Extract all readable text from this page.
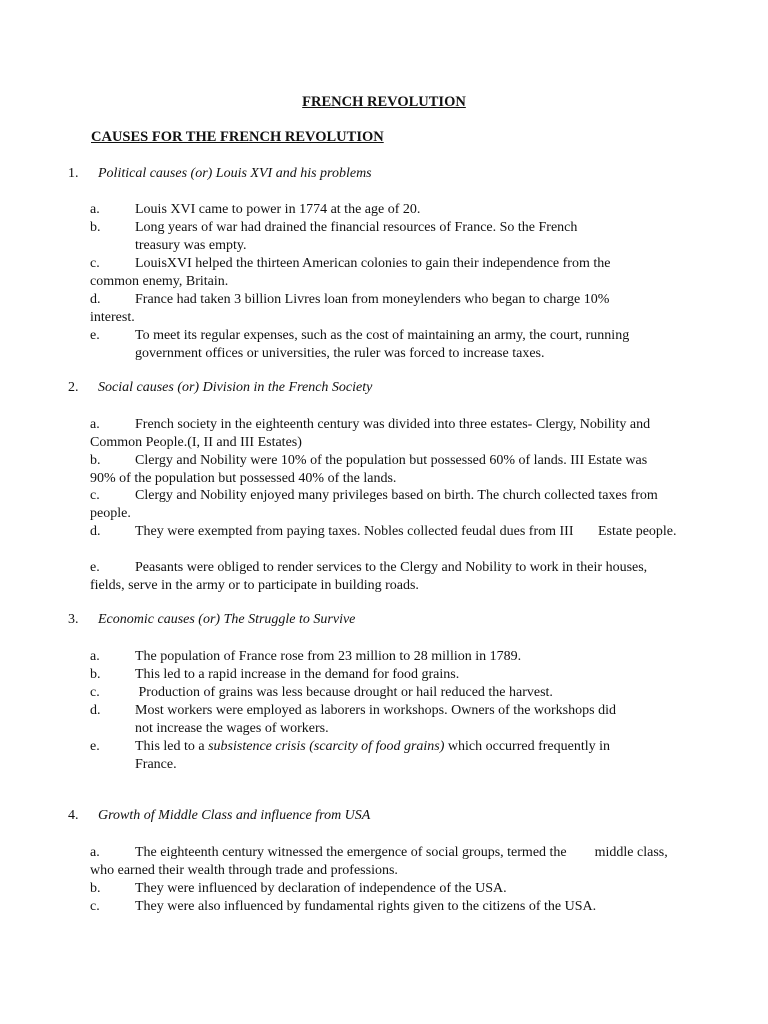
FRENCH REVOLUTION
CAUSES FOR THE FRENCH REVOLUTION
1. Political causes (or) Louis XVI and his problems
a.	Louis XVI came to power in 1774 at the age of 20.
b. Long years of war had drained the financial resources of France. So the French treasury was empty.
c.	LouisXVI helped the thirteen American colonies to gain their independence from the common enemy, Britain.
d. France had taken 3 billion Livres loan from moneylenders who began to charge 10% interest.
e.	To meet its regular expenses, such as the cost of maintaining an army, the court, running government offices or universities, the ruler was forced to increase taxes.
2. Social causes (or) Division in the French Society
a.	French society in the eighteenth century was divided into three estates- Clergy, Nobility and Common People.(I, II and III Estates)
b. Clergy and Nobility were 10% of the population but possessed 60% of lands. III Estate was 90% of the population but possessed 40% of the lands.
c.	Clergy and Nobility enjoyed many privileges based on birth. The church collected taxes from people.
d. They were exempted from paying taxes. Nobles collected feudal dues from III       Estate people.
e.	Peasants were obliged to render services to the Clergy and Nobility to work in their houses, fields, serve in the army or to participate in building roads.
3. Economic causes (or) The Struggle to Survive
a.	The population of France rose from 23 million to 28 million in 1789.
b. This led to a rapid increase in the demand for food grains.
c.	Production of grains was less because drought or hail reduced the harvest.
d. Most workers were employed as laborers in workshops. Owners of the workshops did not increase the wages of workers.
e.	This led to a subsistence crisis (scarcity of food grains) which occurred frequently in France.
4. Growth of Middle Class and influence from USA
a.	The eighteenth century witnessed the emergence of social groups, termed the        middle class, who earned their wealth through trade and professions.
b. They were influenced by declaration of independence of the USA.
c.	They were also influenced by fundamental rights given to the citizens of the USA.
